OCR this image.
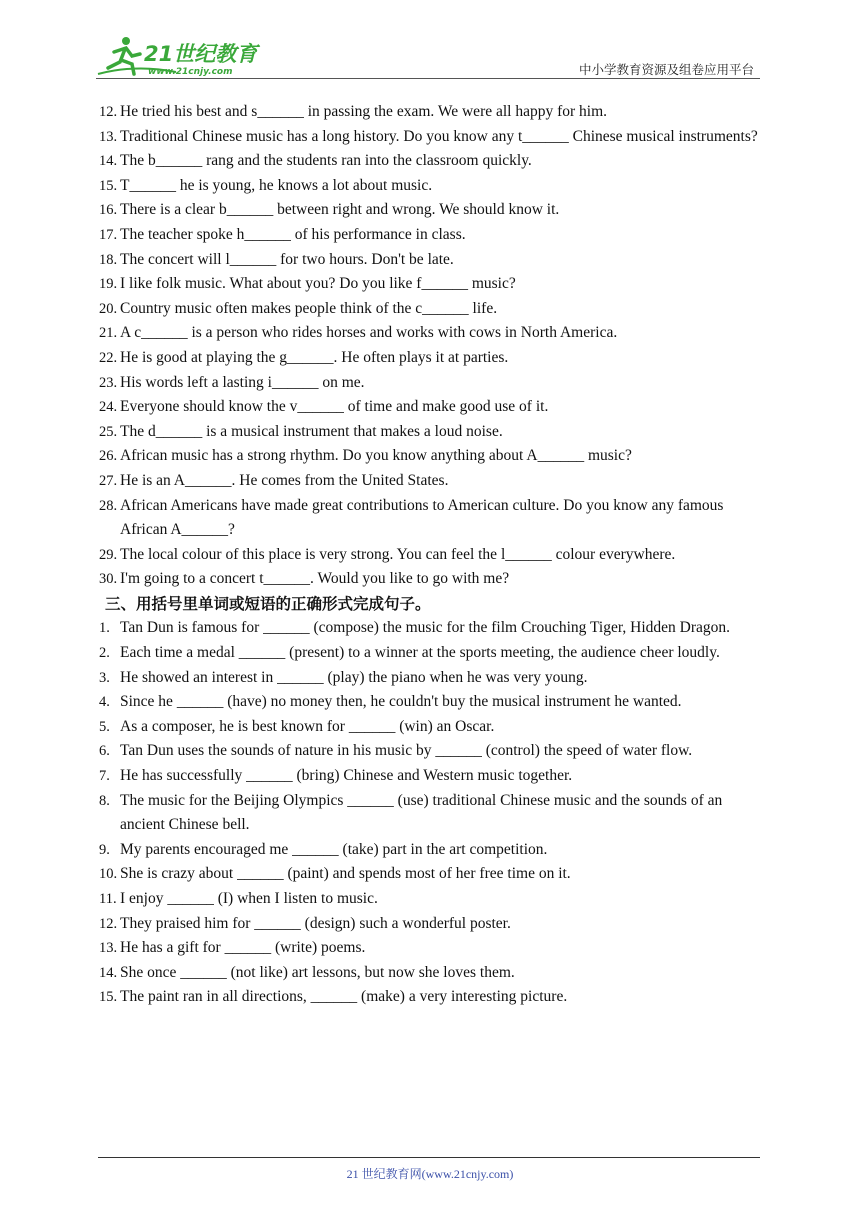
21世纪教育
www.21cnjy.com	中小学教育资源及组卷应用平台
12. He tried his best and s______ in passing the exam. We were all happy for him.
13. Traditional Chinese music has a long history. Do you know any t______ Chinese musical instruments?
14. The b______ rang and the students ran into the classroom quickly.
15. T______ he is young, he knows a lot about music.
16. There is a clear b______ between right and wrong. We should know it.
17. The teacher spoke h______ of his performance in class.
18. The concert will l______ for two hours. Don't be late.
19. I like folk music. What about you? Do you like f______ music?
20. Country music often makes people think of the c______ life.
21. A c______ is a person who rides horses and works with cows in North America.
22. He is good at playing the g______. He often plays it at parties.
23. His words left a lasting i______ on me.
24. Everyone should know the v______ of time and make good use of it.
25. The d______ is a musical instrument that makes a loud noise.
26. African music has a strong rhythm. Do you know anything about A______ music?
27. He is an A______. He comes from the United States.
28. African Americans have made great contributions to American culture. Do you know any famous African A______?
29. The local colour of this place is very strong. You can feel the l______ colour everywhere.
30. I'm going to a concert t______. Would you like to go with me?
三、用括号里单词或短语的正确形式完成句子。
1. Tan Dun is famous for ______ (compose) the music for the film Crouching Tiger, Hidden Dragon.
2. Each time a medal ______ (present) to a winner at the sports meeting, the audience cheer loudly.
3. He showed an interest in ______ (play) the piano when he was very young.
4. Since he ______ (have) no money then, he couldn't buy the musical instrument he wanted.
5. As a composer, he is best known for ______ (win) an Oscar.
6. Tan Dun uses the sounds of nature in his music by ______ (control) the speed of water flow.
7. He has successfully ______ (bring) Chinese and Western music together.
8. The music for the Beijing Olympics ______ (use) traditional Chinese music and the sounds of an ancient Chinese bell.
9. My parents encouraged me ______ (take) part in the art competition.
10. She is crazy about ______ (paint) and spends most of her free time on it.
11. I enjoy ______ (I) when I listen to music.
12. They praised him for ______ (design) such a wonderful poster.
13. He has a gift for ______ (write) poems.
14. She once ______ (not like) art lessons, but now she loves them.
15. The paint ran in all directions, ______ (make) a very interesting picture.
21 世纪教育网(www.21cnjy.com)
